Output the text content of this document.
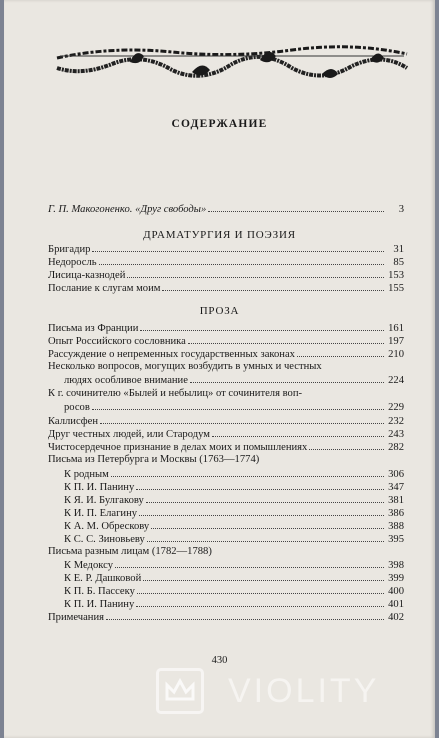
СОДЕРЖАНИЕ
Г. П. Макогоненко. «Друг свободы»	3
ДРАМАТУРГИЯ И ПОЭЗИЯ
Бригадир	31
Недоросль	85
Лисица-казнодей	153
Послание к слугам моим	155
ПРОЗА
Письма из Франции	161
Опыт Российского сословника	197
Рассуждение о непременных государственных законах	210
Несколько вопросов, могущих возбудить в умных и честных
людях особливое внимание	224
К г. сочинителю «Былей и небылиц» от сочинителя воп-
росов	229
Каллисфен	232
Друг честных людей, или Стародум	243
Чистосердечное признание в делах моих и помышлениях	282
Письма из Петербурга и Москвы (1763—1774)
К родным	306
К П. И. Панину	347
К Я. И. Булгакову	381
К И. П. Елагину	386
К А. М. Обрескову	388
К С. С. Зиновьеву	395
Письма разным лицам (1782—1788)
К Медоксу	398
К Е. Р. Дашковой	399
К П. Б. Пассеку	400
К П. И. Панину	401
Примечания	402
430
VIOLITY
